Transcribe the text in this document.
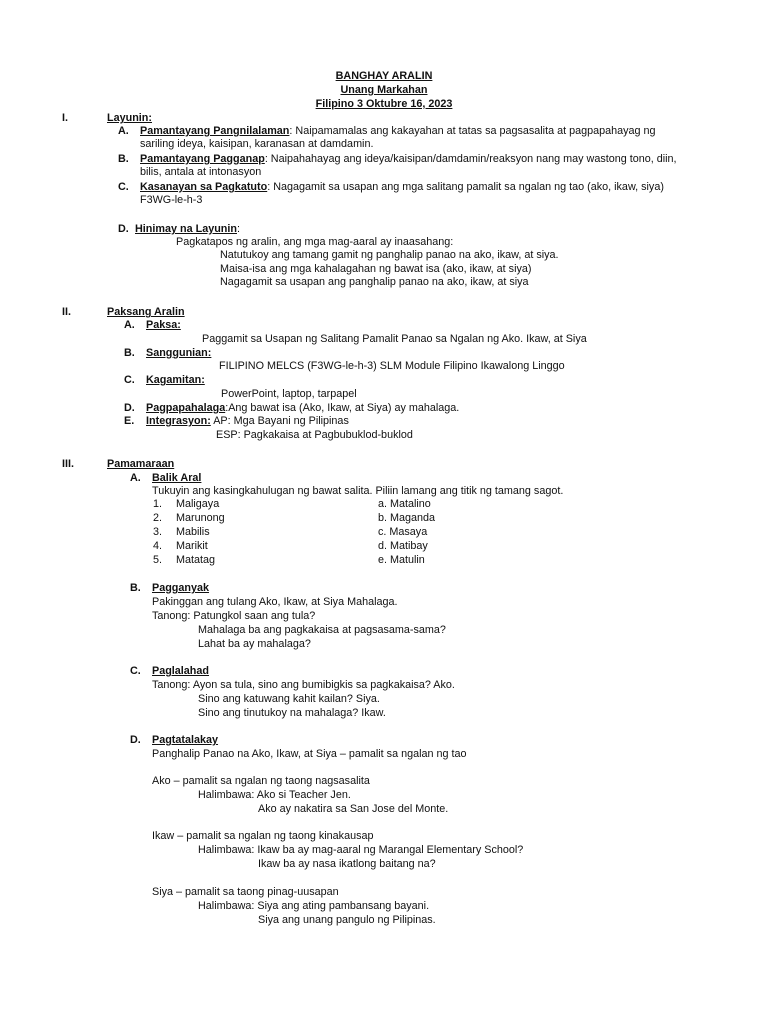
BANGHAY ARALIN
Unang Markahan
Filipino 3 Oktubre 16, 2023
I.	Layunin:
A. Pamantayang Pangnilalaman: Naipamamalas ang kakayahan at tatas sa pagsasalita at pagpapahayag ng
sariling ideya, kaisipan, karanasan at damdamin.
B. Pamantayang Pagganap: Naipahahayag ang ideya/kaisipan/damdamin/reaksyon nang may wastong tono, diin,
bilis, antala at intonasyon
C. Kasanayan sa Pagkatuto: Nagagamit sa usapan ang mga salitang pamalit sa ngalan ng tao (ako, ikaw, siya)
F3WG-le-h-3
D. Hinimay na Layunin:
Pagkatapos ng aralin, ang mga mag-aaral ay inaasahang:
Natutukoy ang tamang gamit ng panghalip panao na ako, ikaw, at siya.
Maisa-isa ang mga kahalagahan ng bawat isa (ako, ikaw, at siya)
Nagagamit sa usapan ang panghalip panao na ako, ikaw, at siya
II.	Paksang Aralin
A. Paksa:
Paggamit sa Usapan ng Salitang Pamalit Panao sa Ngalan ng Ako. Ikaw, at Siya
B. Sanggunian:
FILIPINO MELCS (F3WG-le-h-3) SLM Module Filipino Ikawalong Linggo
C. Kagamitan:
PowerPoint, laptop, tarpapel
D. Pagpapahalaga:Ang bawat isa (Ako, Ikaw, at Siya) ay mahalaga.
E. Integrasyon: AP: Mga Bayani ng Pilipinas
ESP: Pagkakaisa at Pagbubuklod-buklod
III.	Pamamaraan
A. Balik Aral
Tukuyin ang kasingkahulugan ng bawat salita. Piliin lamang ang titik ng tamang sagot.
1. Maligaya	a. Matalino
2. Marunong	b. Maganda
3. Mabilis	c. Masaya
4. Marikit	d. Matibay
5. Matatag	e. Matulin
B. Pagganyak
Pakinggan ang tulang Ako, Ikaw, at Siya Mahalaga.
Tanong: Patungkol saan ang tula?
Mahalaga ba ang pagkakaisa at pagsasama-sama?
Lahat ba ay mahalaga?
C. Paglalahad
Tanong: Ayon sa tula, sino ang bumibigkis sa pagkakaisa? Ako.
Sino ang katuwang kahit kailan? Siya.
Sino ang tinutukoy na mahalaga? Ikaw.
D. Pagtatalakay
Panghalip Panao na Ako, Ikaw, at Siya – pamalit sa ngalan ng tao
Ako – pamalit sa ngalan ng taong nagsasalita
Halimbawa: Ako si Teacher Jen.
Ako ay nakatira sa San Jose del Monte.
Ikaw – pamalit sa ngalan ng taong kinakausap
Halimbawa: Ikaw ba ay mag-aaral ng Marangal Elementary School?
Ikaw ba ay nasa ikatlong baitang na?
Siya – pamalit sa taong pinag-uusapan
Halimbawa: Siya ang ating pambansang bayani.
Siya ang unang pangulo ng Pilipinas.
